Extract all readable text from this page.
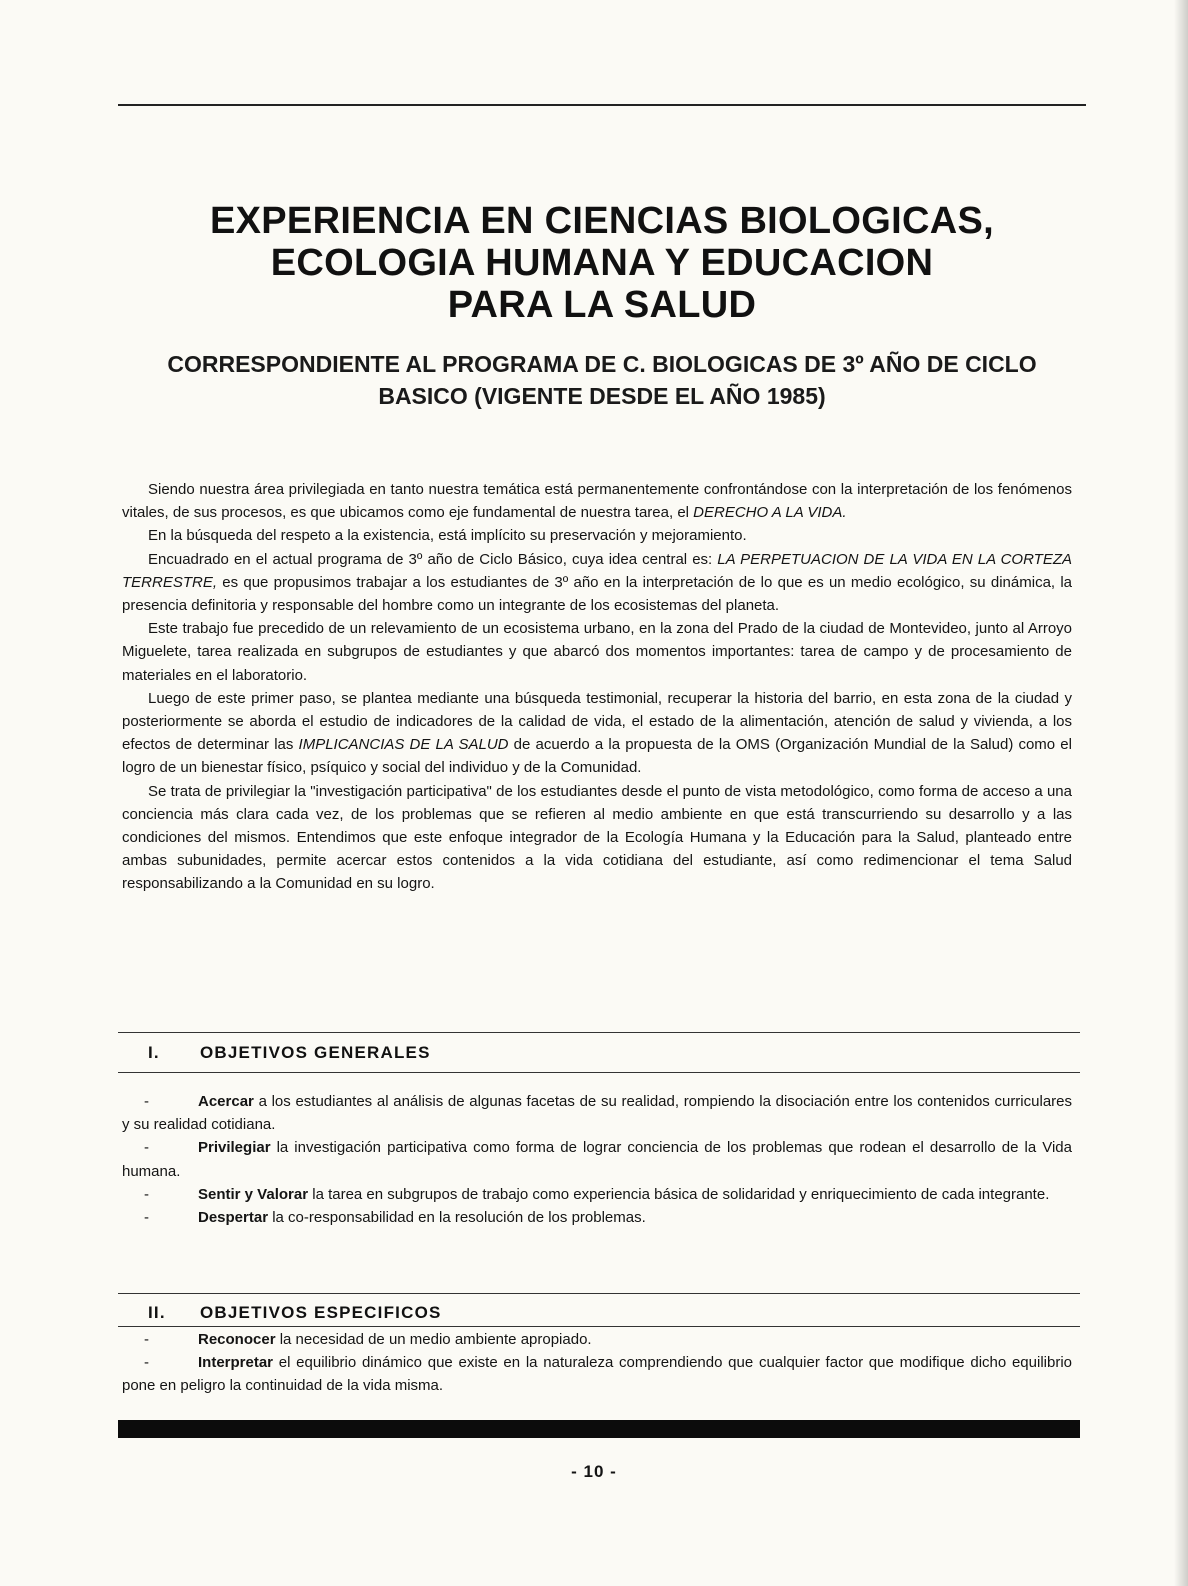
EXPERIENCIA EN CIENCIAS BIOLOGICAS,
ECOLOGIA HUMANA Y EDUCACION
PARA LA SALUD
CORRESPONDIENTE AL PROGRAMA DE C. BIOLOGICAS DE 3º AÑO DE CICLO
BASICO (VIGENTE DESDE EL AÑO 1985)

Siendo nuestra área privilegiada en tanto nuestra temática está permanentemente confrontándose con la interpretación de los fenómenos vitales, de sus procesos, es que ubicamos como eje fundamental de nuestra tarea, el DERECHO A LA VIDA.

En la búsqueda del respeto a la existencia, está implícito su preservación y mejoramiento.

Encuadrado en el actual programa de 3º año de Ciclo Básico, cuya idea central es: LA PERPETUACION DE LA VIDA EN LA CORTEZA TERRESTRE, es que propusimos trabajar a los estudiantes de 3º año en la interpretación de lo que es un medio ecológico, su dinámica, la presencia definitoria y responsable del hombre como un integrante de los ecosistemas del planeta.

Este trabajo fue precedido de un relevamiento de un ecosistema urbano, en la zona del Prado de la ciudad de Montevideo, junto al Arroyo Miguelete, tarea realizada en subgrupos de estudiantes y que abarcó dos momentos importantes: tarea de campo y de procesamiento de materiales en el laboratorio.

Luego de este primer paso, se plantea mediante una búsqueda testimonial, recuperar la historia del barrio, en esta zona de la ciudad y posteriormente se aborda el estudio de indicadores de la calidad de vida, el estado de la alimentación, atención de salud y vivienda, a los efectos de determinar las IMPLICANCIAS DE LA SALUD de acuerdo a la propuesta de la OMS (Organización Mundial de la Salud) como el logro de un bienestar físico, psíquico y social del individuo y de la Comunidad.

Se trata de privilegiar la "investigación participativa" de los estudiantes desde el punto de vista metodológico, como forma de acceso a una conciencia más clara cada vez, de los problemas que se refieren al medio ambiente en que está transcurriendo su desarrollo y a las condiciones del mismos. Entendimos que este enfoque integrador de la Ecología Humana y la Educación para la Salud, planteado entre ambas subunidades, permite acercar estos contenidos a la vida cotidiana del estudiante, así como redimencionar el tema Salud responsabilizando a la Comunidad en su logro.

I. OBJETIVOS GENERALES

-	Acercar a los estudiantes al análisis de algunas facetas de su realidad, rompiendo la disociación entre los contenidos curriculares y su realidad cotidiana.

-	Privilegiar la investigación participativa como forma de lograr conciencia de los problemas que rodean el desarrollo de la Vida humana.

-	Sentir y Valorar la tarea en subgrupos de trabajo como experiencia básica de solidaridad y enriquecimiento de cada integrante.

-	Despertar la co-responsabilidad en la resolución de los problemas.

II. OBJETIVOS ESPECIFICOS

-	Reconocer la necesidad de un medio ambiente apropiado.

-	Interpretar el equilibrio dinámico que existe en la naturaleza comprendiendo que cualquier factor que modifique dicho equilibrio pone en peligro la continuidad de la vida misma.

- 10 -
